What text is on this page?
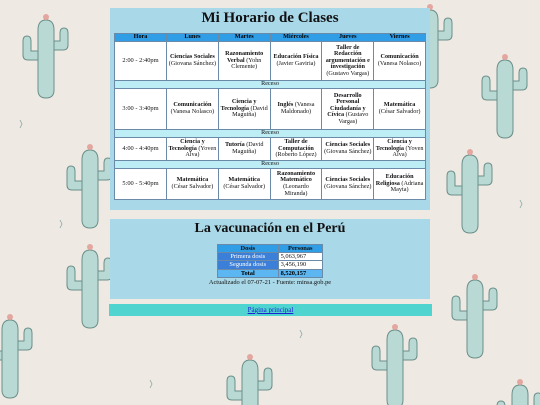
Mi Horario de Clases
Hora	Lunes	Martes	Miércoles	Jueves	Viernes
2:00 - 2:40pm	Ciencias Sociales (Giovana Sánchez)	Razonamiento Verbal (Yohn Clemente)	Educación Física (Javier Gaviria)	Taller de Redacción argumentación e investigación (Gustavo Vargas)	Comunicación (Vanesa Nolasco)
Receso					
3:00 - 3:40pm	Comunicación (Vanesa Nolasco)	Ciencia y Tecnología (David Maguiña)	Inglés (Vanesa Maldonado)	Desarrollo Personal Ciudadanía y Cívica (Gustavo Vargas)	Matemática (César Salvador)
Receso					
4:00 - 4:40pm	Ciencia y Tecnología (Yoven Alva)	Tutoría (David Maguiña)	Taller de Computación (Roberto López)	Ciencias Sociales (Giovana Sánchez)	Ciencia y Tecnología (Yoven Alva)
Receso					
5:00 - 5:40pm	Matemática (César Salvador)	Matemática (César Salvador)	Razonamiento Matemático (Leonardo Miranda)	Ciencias Sociales (Giovana Sánchez)	Educación Religiosa (Adriana Mayta)
La vacunación en el Perú
Dosis	Personas
Primera dosis	5,063,967
Segunda dosis	3,456,190
Total	8,520,157
Actualizado el 07-07-21 - Fuente: minsa.gob.pe
Página principal
